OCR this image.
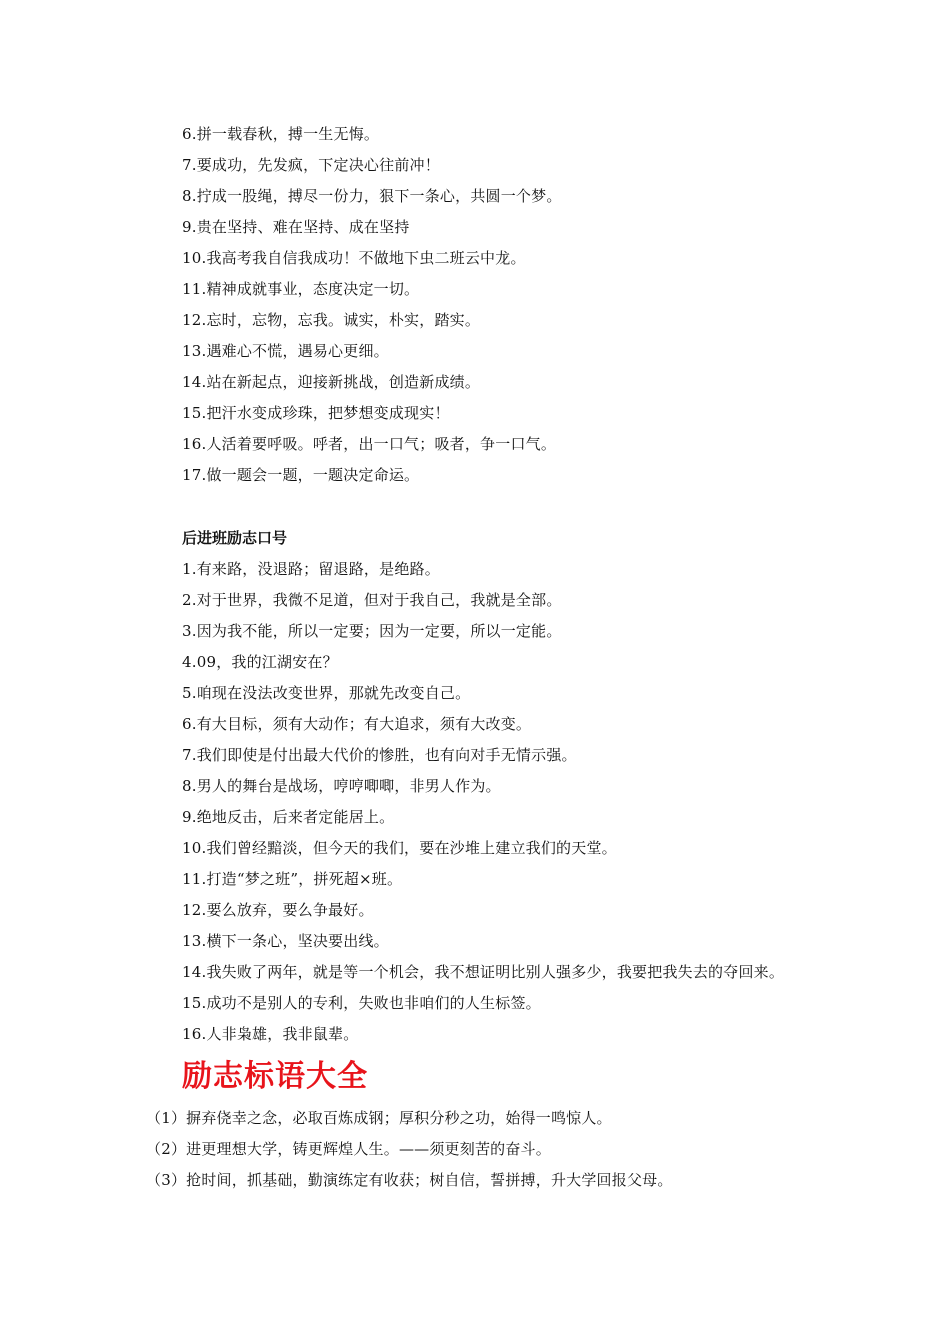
6.拼一载春秋，搏一生无悔。
7.要成功，先发疯，下定决心往前冲！
8.拧成一股绳，搏尽一份力，狠下一条心，共圆一个梦。
9.贵在坚持、难在坚持、成在坚持
10.我高考我自信我成功！不做地下虫二班云中龙。
11.精神成就事业，态度决定一切。
12.忘时，忘物，忘我。诚实，朴实，踏实。
13.遇难心不慌，遇易心更细。
14.站在新起点，迎接新挑战，创造新成绩。
15.把汗水变成珍珠，把梦想变成现实！
16.人活着要呼吸。呼者，出一口气；吸者，争一口气。
17.做一题会一题，一题决定命运。
后进班励志口号
1.有来路，没退路；留退路，是绝路。
2.对于世界，我微不足道，但对于我自己，我就是全部。
3.因为我不能，所以一定要；因为一定要，所以一定能。
4.09，我的江湖安在？
5.咱现在没法改变世界，那就先改变自己。
6.有大目标，须有大动作；有大追求，须有大改变。
7.我们即使是付出最大代价的惨胜，也有向对手无情示强。
8.男人的舞台是战场，哼哼唧唧，非男人作为。
9.绝地反击，后来者定能居上。
10.我们曾经黯淡，但今天的我们，要在沙堆上建立我们的天堂。
11.打造“梦之班”，拼死超×班。
12.要么放弃，要么争最好。
13.横下一条心，坚决要出线。
14.我失败了两年，就是等一个机会，我不想证明比别人强多少，我要把我失去的夺回来。
15.成功不是别人的专利，失败也非咱们的人生标签。
16.人非枭雄，我非鼠辈。
励志标语大全
（1）摒弃侥幸之念，必取百炼成钢；厚积分秒之功，始得一鸣惊人。
（2）进更理想大学，铸更辉煌人生。——须更刻苦的奋斗。
（3）抢时间，抓基础，勤演练定有收获；树自信，誓拼搏，升大学回报父母。
